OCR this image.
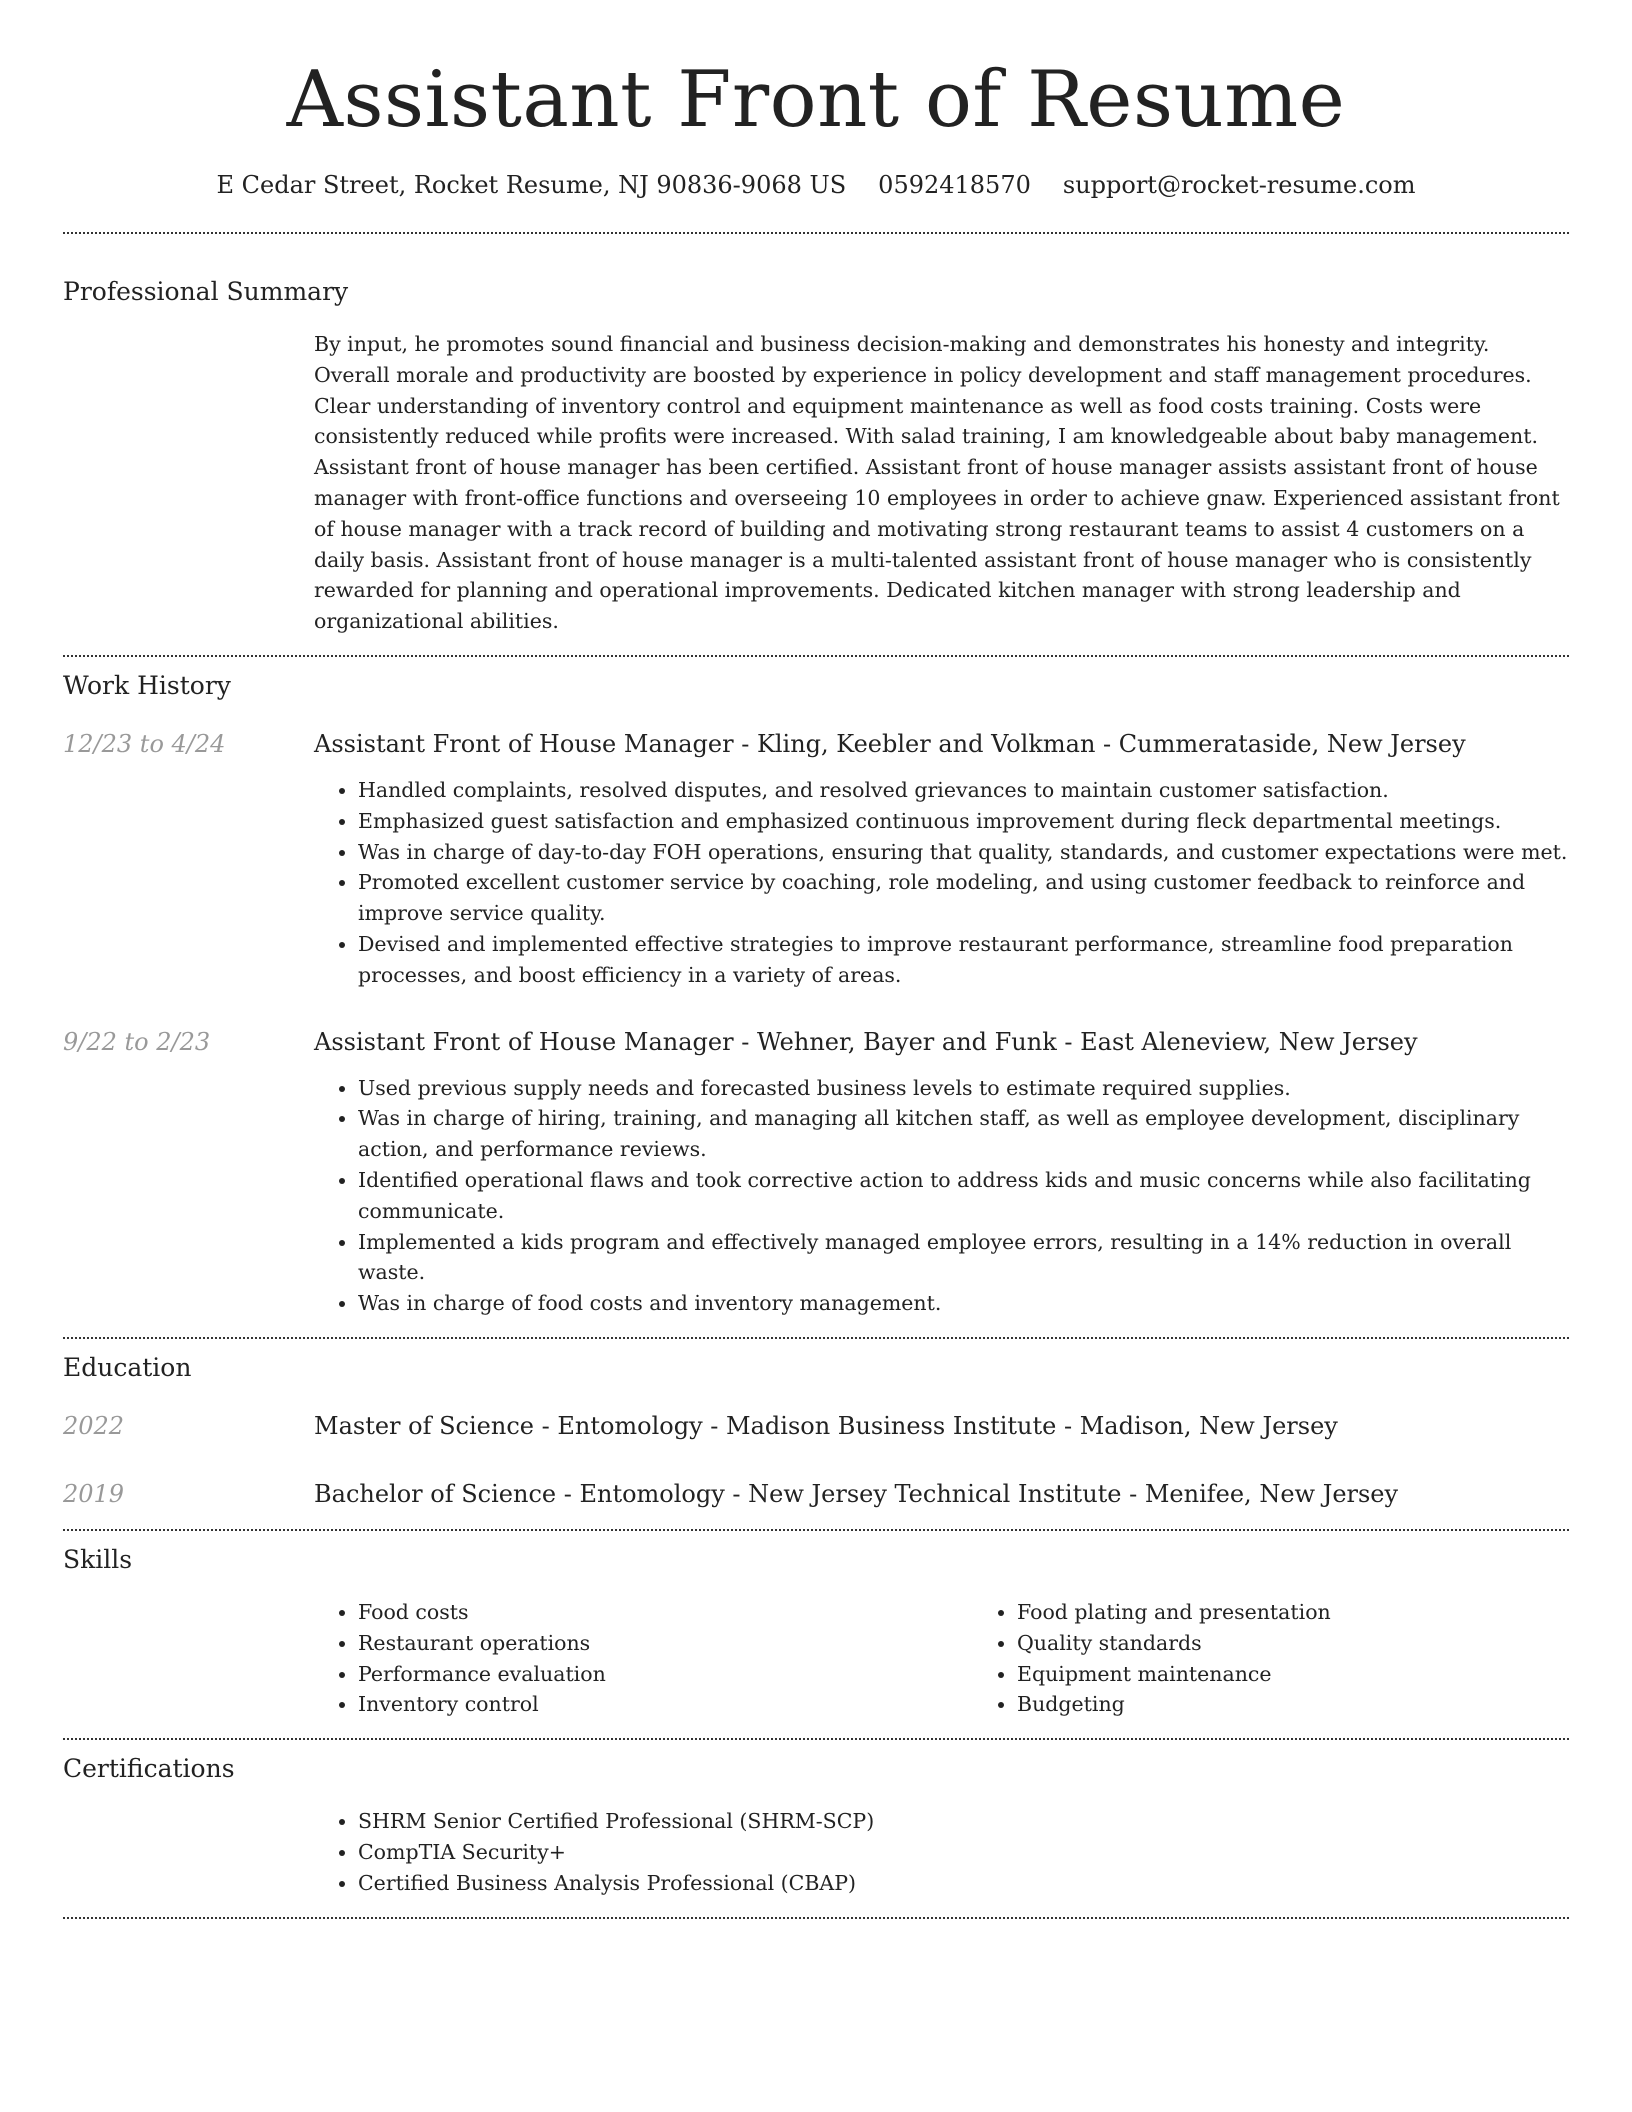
Assistant Front of Resume
E Cedar Street, Rocket Resume, NJ 90836-9068 US 0592418570 support@rocket-resume.com
Professional Summary

By input, he promotes sound financial and business decision-making and demonstrates his honesty and integrity. Overall morale and productivity are boosted by experience in policy development and staff management procedures. Clear understanding of inventory control and equipment maintenance as well as food costs training. Costs were consistently reduced while profits were increased. With salad training, I am knowledgeable about baby management. Assistant front of house manager has been certified. Assistant front of house manager assists assistant front of house manager with front-office functions and overseeing 10 employees in order to achieve gnaw. Experienced assistant front of house manager with a track record of building and motivating strong restaurant teams to assist 4 customers on a daily basis. Assistant front of house manager is a multi-talented assistant front of house manager who is consistently rewarded for planning and operational improvements. Dedicated kitchen manager with strong leadership and organizational abilities.

Work History
12/23 to 4/24	Assistant Front of House Manager - Kling, Keebler and Volkman - Cummerataside, New Jersey

• Handled complaints, resolved disputes, and resolved grievances to maintain customer satisfaction.
• Emphasized guest satisfaction and emphasized continuous improvement during fleck departmental meetings.
• Was in charge of day-to-day FOH operations, ensuring that quality, standards, and customer expectations were met.
• Promoted excellent customer service by coaching, role modeling, and using customer feedback to reinforce and improve service quality.
• Devised and implemented effective strategies to improve restaurant performance, streamline food preparation processes, and boost efficiency in a variety of areas.
9/22 to 2/23	Assistant Front of House Manager - Wehner, Bayer and Funk - East Aleneview, New Jersey

• Used previous supply needs and forecasted business levels to estimate required supplies.
• Was in charge of hiring, training, and managing all kitchen staff, as well as employee development, disciplinary action, and performance reviews.
• Identified operational flaws and took corrective action to address kids and music concerns while also facilitating communicate.
• Implemented a kids program and effectively managed employee errors, resulting in a 14% reduction in overall waste.
• Was in charge of food costs and inventory management.
Education
2022	Master of Science - Entomology - Madison Business Institute - Madison, New Jersey

2019	Bachelor of Science - Entomology - New Jersey Technical Institute - Menifee, New Jersey

Skills
• Food costs
• Restaurant operations
• Performance evaluation
• Inventory control
• Food plating and presentation
• Quality standards
• Equipment maintenance
• Budgeting
Certifications
• SHRM Senior Certified Professional (SHRM-SCP)
• CompTIA Security+
• Certified Business Analysis Professional (CBAP)
